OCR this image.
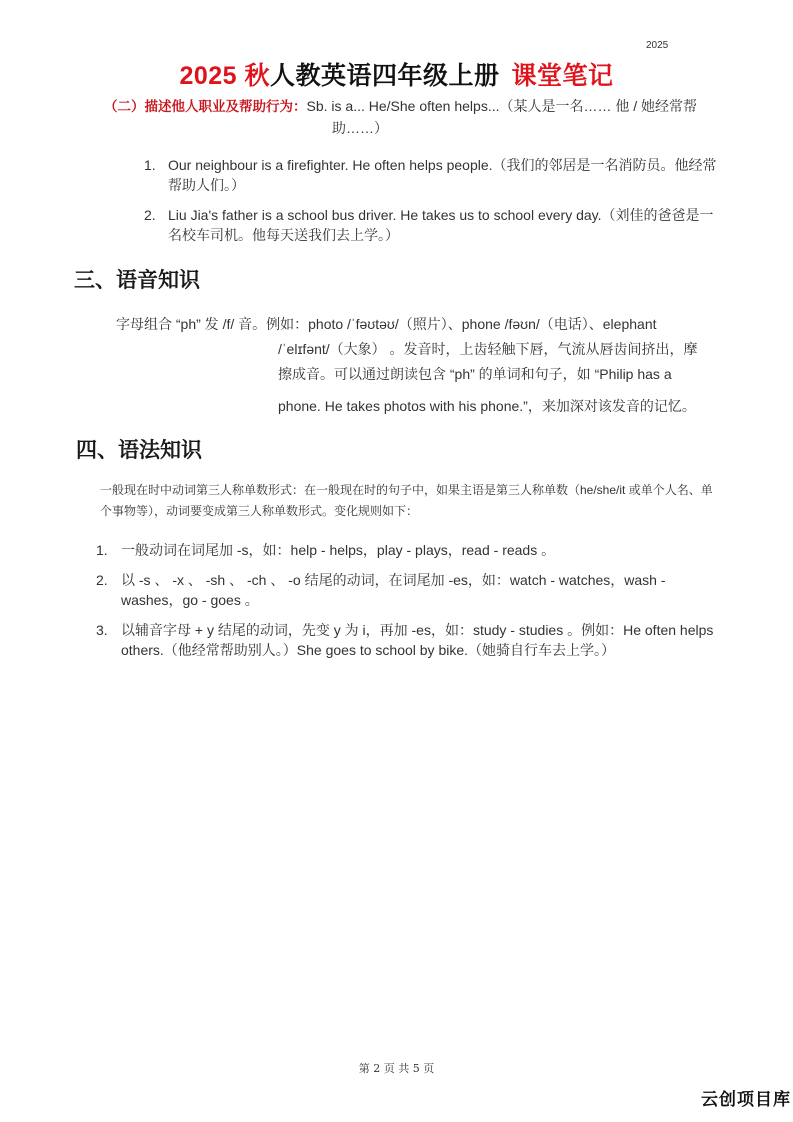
2025
2025 秋人教英语四年级上册 课堂笔记
（二）描述他人职业及帮助行为：Sb. is a... He/She often helps...（某人是一名…… 他 / 她经常帮
助……）
1. Our neighbour is a firefighter. He often helps people.（我们的邻居是一名消防员。他经常帮助人们。）
2. Liu Jia's father is a school bus driver. He takes us to school every day.（刘佳的爸爸是一名校车司机。他每天送我们去上学。）
三、语音知识

字母组合 “ph” 发 /f/ 音。例如：photo /ˈfəʊtəʊ/（照片）、phone /fəʊn/（电话）、elephant

/ˈelɪfənt/（大象） 。发音时，上齿轻触下唇，气流从唇齿间挤出，摩

擦成音。可以通过朗读包含 “ph” 的单词和句子，如 “Philip has a

phone. He takes photos with his phone.”，来加深对该发音的记忆。

四、语法知识
一般现在时中动词第三人称单数形式：在一般现在时的句子中，如果主语是第三人称单数（he/she/it 或单个人名、单个事物等），动词要变成第三人称单数形式。变化规则如下：
1. 一般动词在词尾加 -s，如：help - helps，play - plays，read - reads 。
2. 以 -s 、 -x 、 -sh 、 -ch 、 -o 结尾的动词，在词尾加 -es，如：watch - watches，wash - washes，go - goes 。
3. 以辅音字母 + y 结尾的动词，先变 y 为 i，再加 -es，如：study - studies 。例如：He often helps others.（他经常帮助别人。）She goes to school by bike.（她骑自行车去上学。）
第 2 页 共 5 页
云创项目库
